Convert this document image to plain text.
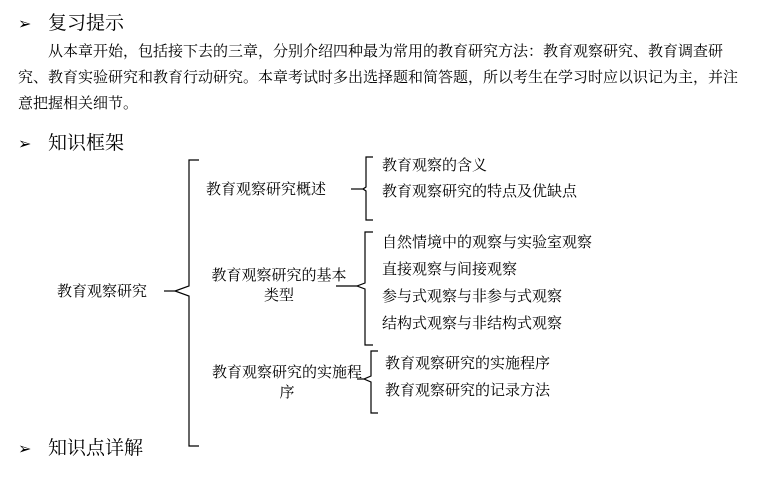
➢ 复习提示
从本章开始，包括接下去的三章，分别介绍四种最为常用的教育研究方法：教育观察研究、教育调查研究、教育实验研究和教育行动研究。本章考试时多出选择题和简答题，所以考生在学习时应以识记为主，并注意把握相关细节。
➢ 知识框架
教育观察研究
教育观察研究概述
教育观察的含义
教育观察研究的特点及优缺点
教育观察研究的基本类型
自然情境中的观察与实验室观察
直接观察与间接观察
参与式观察与非参与式观察
结构式观察与非结构式观察
教育观察研究的实施程序
教育观察研究的实施程序
教育观察研究的记录方法
➢ 知识点详解
